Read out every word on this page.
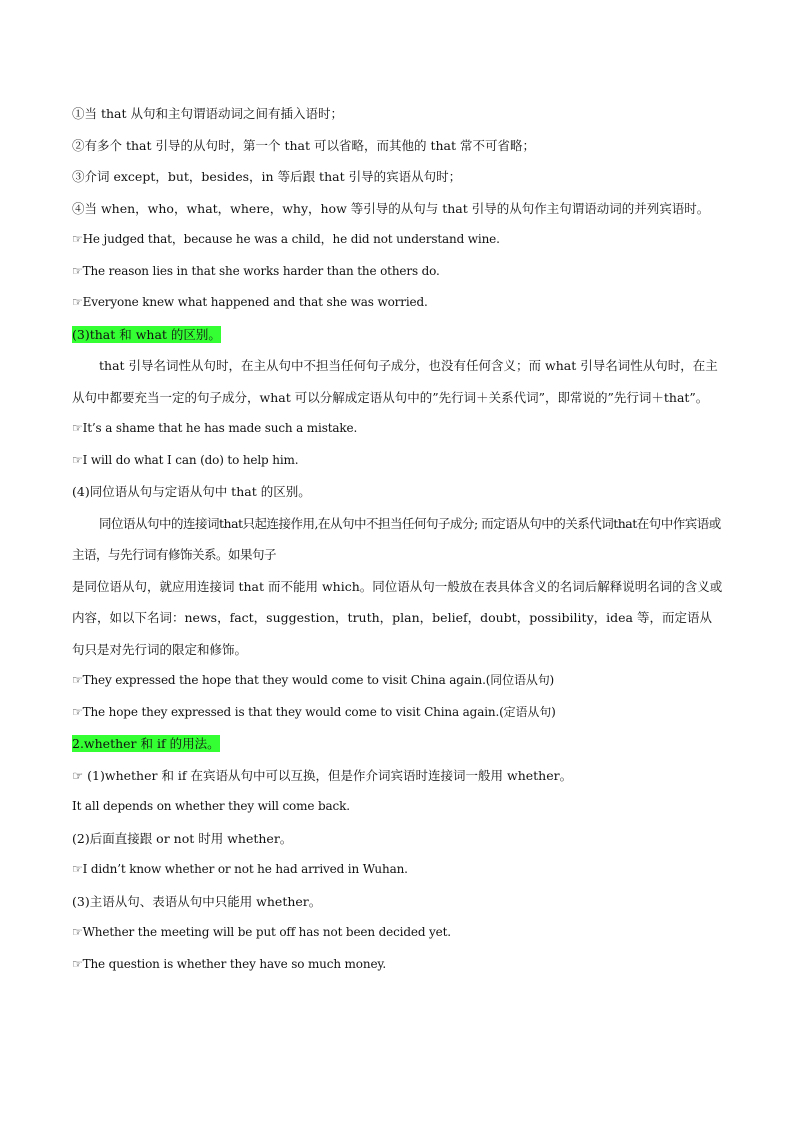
①当 that 从句和主句谓语动词之间有插入语时；
②有多个 that 引导的从句时，第一个 that 可以省略，而其他的 that 常不可省略；
③介词 except，but，besides，in 等后跟 that 引导的宾语从句时；
④当 when，who，what，where，why，how 等引导的从句与 that 引导的从句作主句谓语动词的并列宾语时。
☞He judged that，because he was a child，he did not understand wine.
☞The reason lies in that she works harder than the others do.
☞Everyone knew what happened and that she was worried.
(3)that 和 what 的区别。
that 引导名词性从句时，在主从句中不担当任何句子成分，也没有任何含义；而 what 引导名词性从句时，在主从句中都要充当一定的句子成分，what 可以分解成定语从句中的”先行词＋关系代词”，即常说的”先行词＋that”。
☞It’s a shame that he has made such a mistake.
☞I will do what I can (do) to help him.
(4)同位语从句与定语从句中 that 的区别。
同位语从句中的连接词that只起连接作用,在从句中不担当任何句子成分; 而定语从句中的关系代词that在句中作宾语或主语，与先行词有修饰关系。如果句子
是同位语从句，就应用连接词 that 而不能用 which。同位语从句一般放在表具体含义的名词后解释说明名词的含义或内容，如以下名词：news，fact，suggestion，truth，plan，belief，doubt，possibility，idea 等，而定语从句只是对先行词的限定和修饰。
☞They expressed the hope that they would come to visit China again.(同位语从句)
☞The hope they expressed is that they would come to visit China again.(定语从句)
2.whether 和 if 的用法。
☞ (1)whether 和 if 在宾语从句中可以互换，但是作介词宾语时连接词一般用 whether。
It all depends on whether they will come back.
(2)后面直接跟 or not 时用 whether。
☞I didn’t know whether or not he had arrived in Wuhan.
(3)主语从句、表语从句中只能用 whether。
☞Whether the meeting will be put off has not been decided yet.
☞The question is whether they have so much money.
